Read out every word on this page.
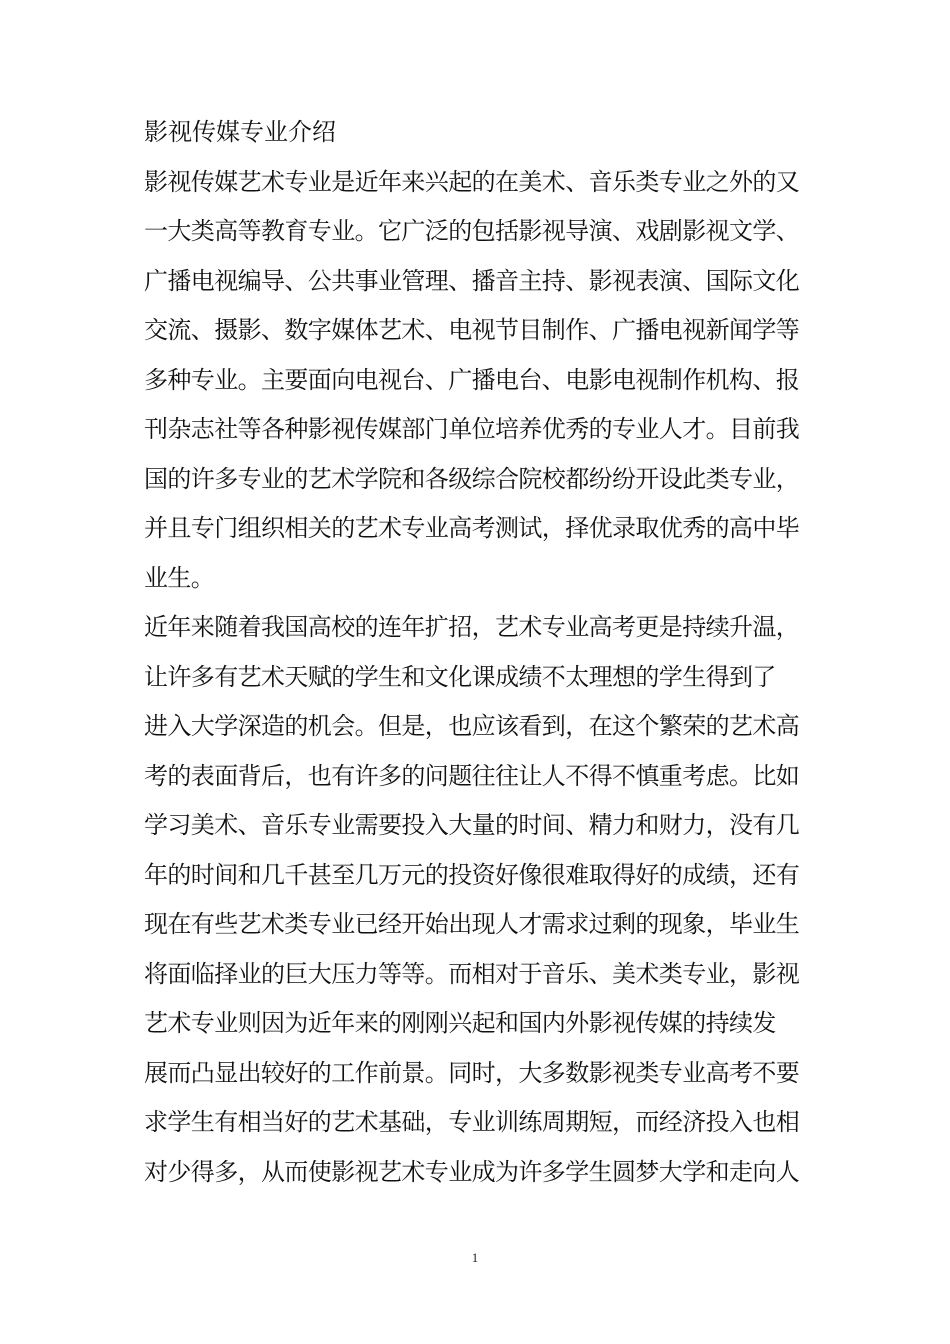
影视传媒专业介绍
影视传媒艺术专业是近年来兴起的在美术、音乐类专业之外的又
一大类高等教育专业。它广泛的包括影视导演、戏剧影视文学、
广播电视编导、公共事业管理、播音主持、影视表演、国际文化
交流、摄影、数字媒体艺术、电视节目制作、广播电视新闻学等
多种专业。主要面向电视台、广播电台、电影电视制作机构、报
刊杂志社等各种影视传媒部门单位培养优秀的专业人才。目前我
国的许多专业的艺术学院和各级综合院校都纷纷开设此类专业，
并且专门组织相关的艺术专业高考测试，择优录取优秀的高中毕
业生。
近年来随着我国高校的连年扩招，艺术专业高考更是持续升温，
让许多有艺术天赋的学生和文化课成绩不太理想的学生得到了
进入大学深造的机会。但是，也应该看到，在这个繁荣的艺术高
考的表面背后，也有许多的问题往往让人不得不慎重考虑。比如
学习美术、音乐专业需要投入大量的时间、精力和财力，没有几
年的时间和几千甚至几万元的投资好像很难取得好的成绩，还有
现在有些艺术类专业已经开始出现人才需求过剩的现象，毕业生
将面临择业的巨大压力等等。而相对于音乐、美术类专业，影视
艺术专业则因为近年来的刚刚兴起和国内外影视传媒的持续发
展而凸显出较好的工作前景。同时，大多数影视类专业高考不要
求学生有相当好的艺术基础，专业训练周期短，而经济投入也相
对少得多，从而使影视艺术专业成为许多学生圆梦大学和走向人
1
